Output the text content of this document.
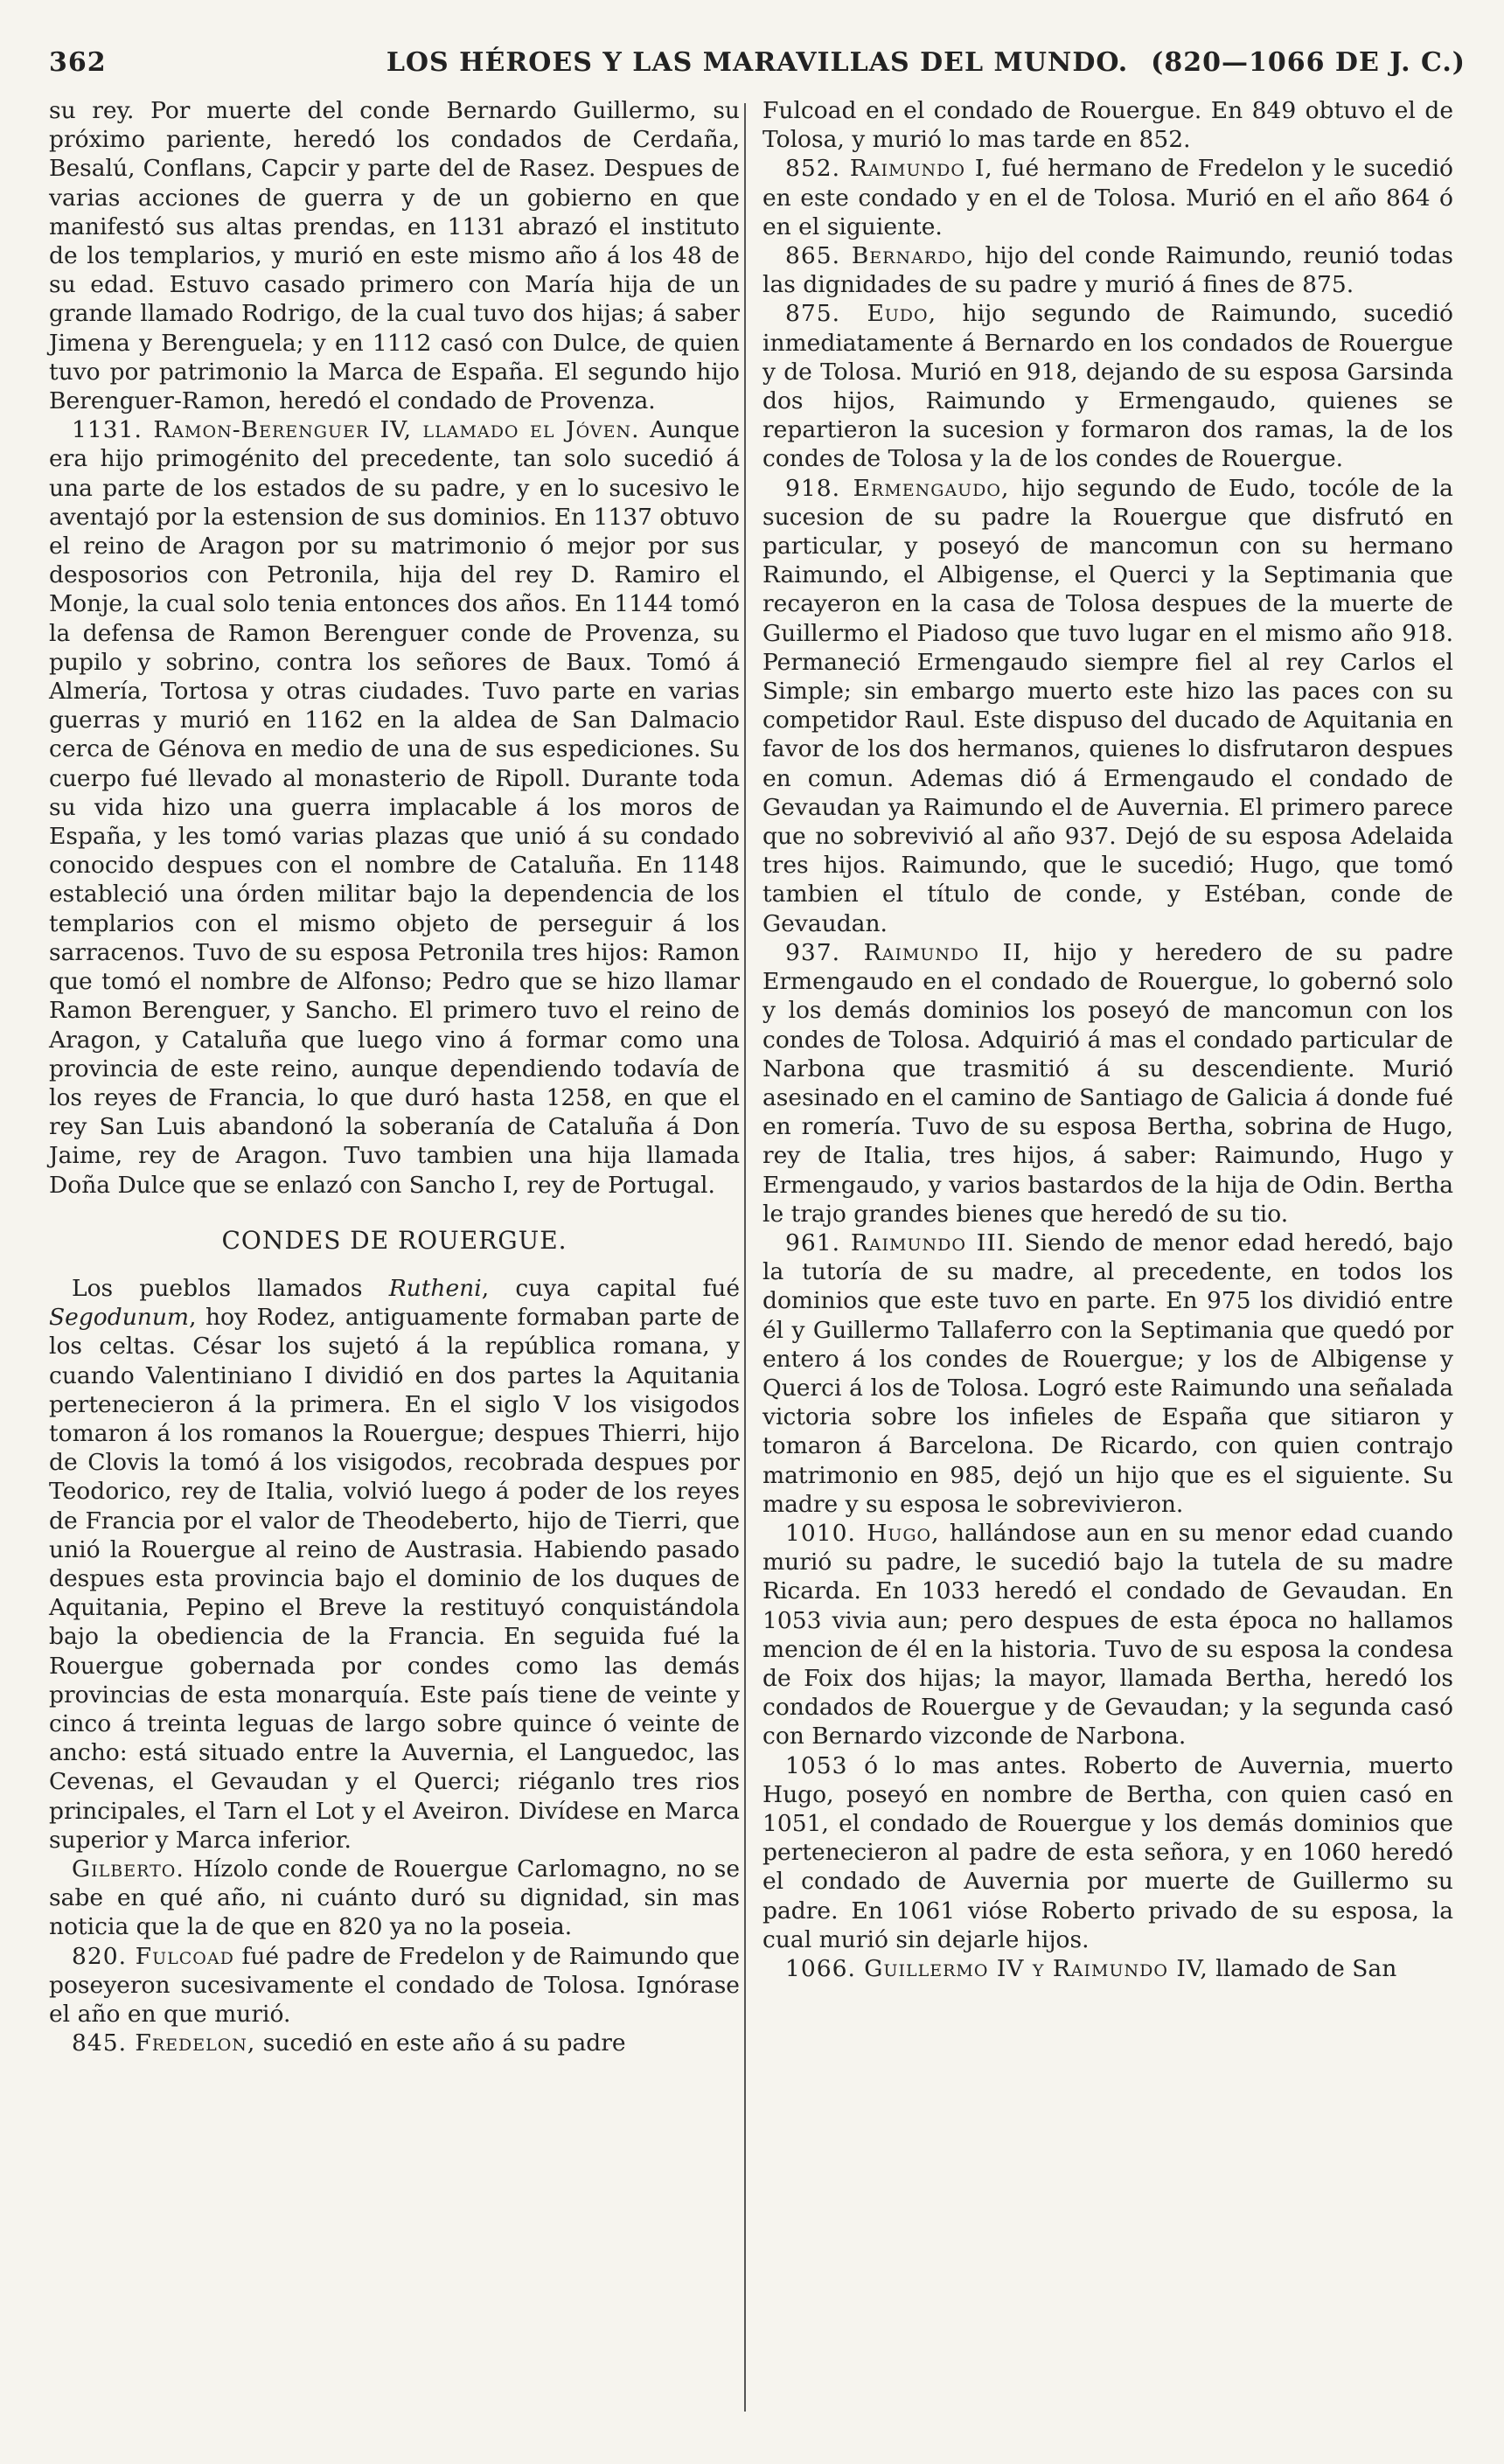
362	LOS HÉROES Y LAS MARAVILLAS DEL MUNDO. (820—1066 DE J. C.)

su rey. Por muerte del conde Bernardo Guillermo, su próximo pariente, heredó los condados de Cerdaña, Besalú, Conflans, Capcir y parte del de Rasez. Despues de varias acciones de guerra y de un gobierno en que manifestó sus altas prendas, en 1131 abrazó el instituto de los templarios, y murió en este mismo año á los 48 de su edad. Estuvo casado primero con María hija de un grande llamado Rodrigo, de la cual tuvo dos hijas; á saber Jimena y Berenguela; y en 1112 casó con Dulce, de quien tuvo por patrimonio la Marca de España. El segundo hijo Berenguer-Ramon, heredó el condado de Provenza.

1131. Ramon-Berenguer IV, llamado el Jóven. Aunque era hijo primogénito del precedente, tan solo sucedió á una parte de los estados de su padre, y en lo sucesivo le aventajó por la estension de sus dominios. En 1137 obtuvo el reino de Aragon por su matrimonio ó mejor por sus desposorios con Petronila, hija del rey D. Ramiro el Monje, la cual solo tenia entonces dos años. En 1144 tomó la defensa de Ramon Berenguer conde de Provenza, su pupilo y sobrino, contra los señores de Baux. Tomó á Almería, Tortosa y otras ciudades. Tuvo parte en varias guerras y murió en 1162 en la aldea de San Dalmacio cerca de Génova en medio de una de sus espediciones. Su cuerpo fué llevado al monasterio de Ripoll. Durante toda su vida hizo una guerra implacable á los moros de España, y les tomó varias plazas que unió á su condado conocido despues con el nombre de Cataluña. En 1148 estableció una órden militar bajo la dependencia de los templarios con el mismo objeto de perseguir á los sarracenos. Tuvo de su esposa Petronila tres hijos: Ramon que tomó el nombre de Alfonso; Pedro que se hizo llamar Ramon Berenguer, y Sancho. El primero tuvo el reino de Aragon, y Cataluña que luego vino á formar como una provincia de este reino, aunque dependiendo todavía de los reyes de Francia, lo que duró hasta 1258, en que el rey San Luis abandonó la soberanía de Cataluña á Don Jaime, rey de Aragon. Tuvo tambien una hija llamada Doña Dulce que se enlazó con Sancho I, rey de Portugal.

CONDES DE ROUERGUE.

Los pueblos llamados Rutheni, cuya capital fué Segodunum, hoy Rodez, antiguamente formaban parte de los celtas. César los sujetó á la república romana, y cuando Valentiniano I dividió en dos partes la Aquitania pertenecieron á la primera. En el siglo V los visigodos tomaron á los romanos la Rouergue; despues Thierri, hijo de Clovis la tomó á los visigodos, recobrada despues por Teodorico, rey de Italia, volvió luego á poder de los reyes de Francia por el valor de Theodeberto, hijo de Tierri, que unió la Rouergue al reino de Austrasia. Habiendo pasado despues esta provincia bajo el dominio de los duques de Aquitania, Pepino el Breve la restituyó conquistándola bajo la obediencia de la Francia. En seguida fué la Rouergue gobernada por condes como las demás provincias de esta monarquía. Este país tiene de veinte y cinco á treinta leguas de largo sobre quince ó veinte de ancho: está situado entre la Auvernia, el Languedoc, las Cevenas, el Gevaudan y el Querci; riéganlo tres rios principales, el Tarn el Lot y el Aveiron. Divídese en Marca superior y Marca inferior.

Gilberto. Hízolo conde de Rouergue Carlomagno, no se sabe en qué año, ni cuánto duró su dignidad, sin mas noticia que la de que en 820 ya no la poseia.

820. Fulcoad fué padre de Fredelon y de Raimundo que poseyeron sucesivamente el condado de Tolosa. Ignórase el año en que murió.

845. Fredelon, sucedió en este año á su padre

Fulcoad en el condado de Rouergue. En 849 obtuvo el de Tolosa, y murió lo mas tarde en 852.

852. Raimundo I, fué hermano de Fredelon y le sucedió en este condado y en el de Tolosa. Murió en el año 864 ó en el siguiente.

865. Bernardo, hijo del conde Raimundo, reunió todas las dignidades de su padre y murió á fines de 875.

875. Eudo, hijo segundo de Raimundo, sucedió inmediatamente á Bernardo en los condados de Rouergue y de Tolosa. Murió en 918, dejando de su esposa Garsinda dos hijos, Raimundo y Ermengaudo, quienes se repartieron la sucesion y formaron dos ramas, la de los condes de Tolosa y la de los condes de Rouergue.

918. Ermengaudo, hijo segundo de Eudo, tocóle de la sucesion de su padre la Rouergue que disfrutó en particular, y poseyó de mancomun con su hermano Raimundo, el Albigense, el Querci y la Septimania que recayeron en la casa de Tolosa despues de la muerte de Guillermo el Piadoso que tuvo lugar en el mismo año 918. Permaneció Ermengaudo siempre fiel al rey Carlos el Simple; sin embargo muerto este hizo las paces con su competidor Raul. Este dispuso del ducado de Aquitania en favor de los dos hermanos, quienes lo disfrutaron despues en comun. Ademas dió á Ermengaudo el condado de Gevaudan ya Raimundo el de Auvernia. El primero parece que no sobrevivió al año 937. Dejó de su esposa Adelaida tres hijos. Raimundo, que le sucedió; Hugo, que tomó tambien el título de conde, y Estéban, conde de Gevaudan.

937. Raimundo II, hijo y heredero de su padre Ermengaudo en el condado de Rouergue, lo gobernó solo y los demás dominios los poseyó de mancomun con los condes de Tolosa. Adquirió á mas el condado particular de Narbona que trasmitió á su descendiente. Murió asesinado en el camino de Santiago de Galicia á donde fué en romería. Tuvo de su esposa Bertha, sobrina de Hugo, rey de Italia, tres hijos, á saber: Raimundo, Hugo y Ermengaudo, y varios bastardos de la hija de Odin. Bertha le trajo grandes bienes que heredó de su tio.

961. Raimundo III. Siendo de menor edad heredó, bajo la tutoría de su madre, al precedente, en todos los dominios que este tuvo en parte. En 975 los dividió entre él y Guillermo Tallaferro con la Septimania que quedó por entero á los condes de Rouergue; y los de Albigense y Querci á los de Tolosa. Logró este Raimundo una señalada victoria sobre los infieles de España que sitiaron y tomaron á Barcelona. De Ricardo, con quien contrajo matrimonio en 985, dejó un hijo que es el siguiente. Su madre y su esposa le sobrevivieron.

1010. Hugo, hallándose aun en su menor edad cuando murió su padre, le sucedió bajo la tutela de su madre Ricarda. En 1033 heredó el condado de Gevaudan. En 1053 vivia aun; pero despues de esta época no hallamos mencion de él en la historia. Tuvo de su esposa la condesa de Foix dos hijas; la mayor, llamada Bertha, heredó los condados de Rouergue y de Gevaudan; y la segunda casó con Bernardo vizconde de Narbona.

1053 ó lo mas antes. Roberto de Auvernia, muerto Hugo, poseyó en nombre de Bertha, con quien casó en 1051, el condado de Rouergue y los demás dominios que pertenecieron al padre de esta señora, y en 1060 heredó el condado de Auvernia por muerte de Guillermo su padre. En 1061 vióse Roberto privado de su esposa, la cual murió sin dejarle hijos.

1066. Guillermo IV y Raimundo IV, llamado de San
